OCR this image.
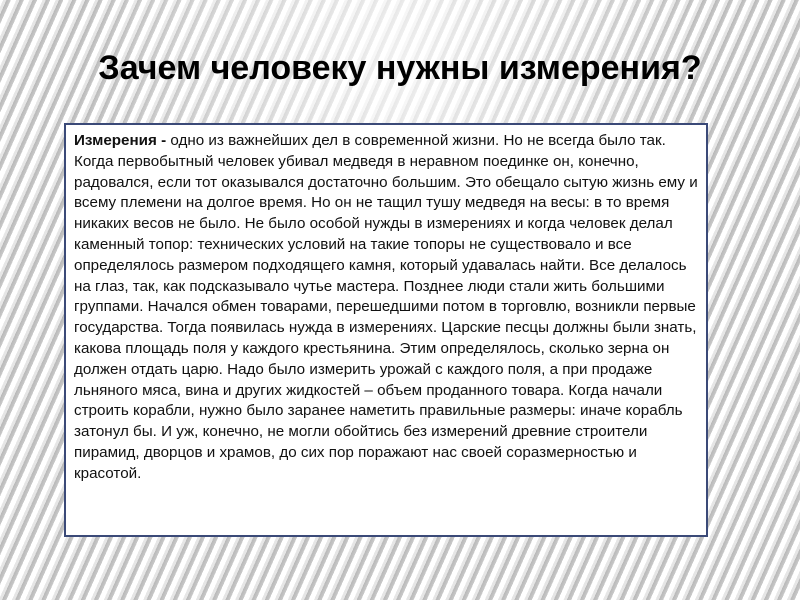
Зачем человеку нужны измерения?

Измерения - одно из важнейших дел в современной жизни. Но не всегда было так. Когда первобытный человек убивал медведя в неравном поединке он, конечно, радовался, если тот оказывался достаточно большим. Это обещало сытую жизнь ему и всему племени на долгое время. Но он не тащил тушу медведя на весы: в то время никаких весов не было. Не было особой нужды в измерениях и когда человек делал каменный топор: технических условий на такие топоры не существовало и все определялось размером подходящего камня, который удавалась найти. Все делалось на глаз, так, как подсказывало чутье мастера. Позднее люди стали жить большими группами. Начался обмен товарами, перешедшими потом в торговлю, возникли первые государства. Тогда появилась нужда в измерениях. Царские песцы должны были знать, какова площадь поля у каждого крестьянина. Этим определялось, сколько зерна он должен отдать царю. Надо было измерить урожай с каждого поля, а при продаже льняного мяса, вина и других жидкостей – объем проданного товара. Когда начали строить корабли, нужно было заранее наметить правильные размеры: иначе корабль затонул бы. И уж, конечно, не могли обойтись без измерений древние строители пирамид, дворцов и храмов, до сих пор поражают нас своей соразмерностью и красотой.
